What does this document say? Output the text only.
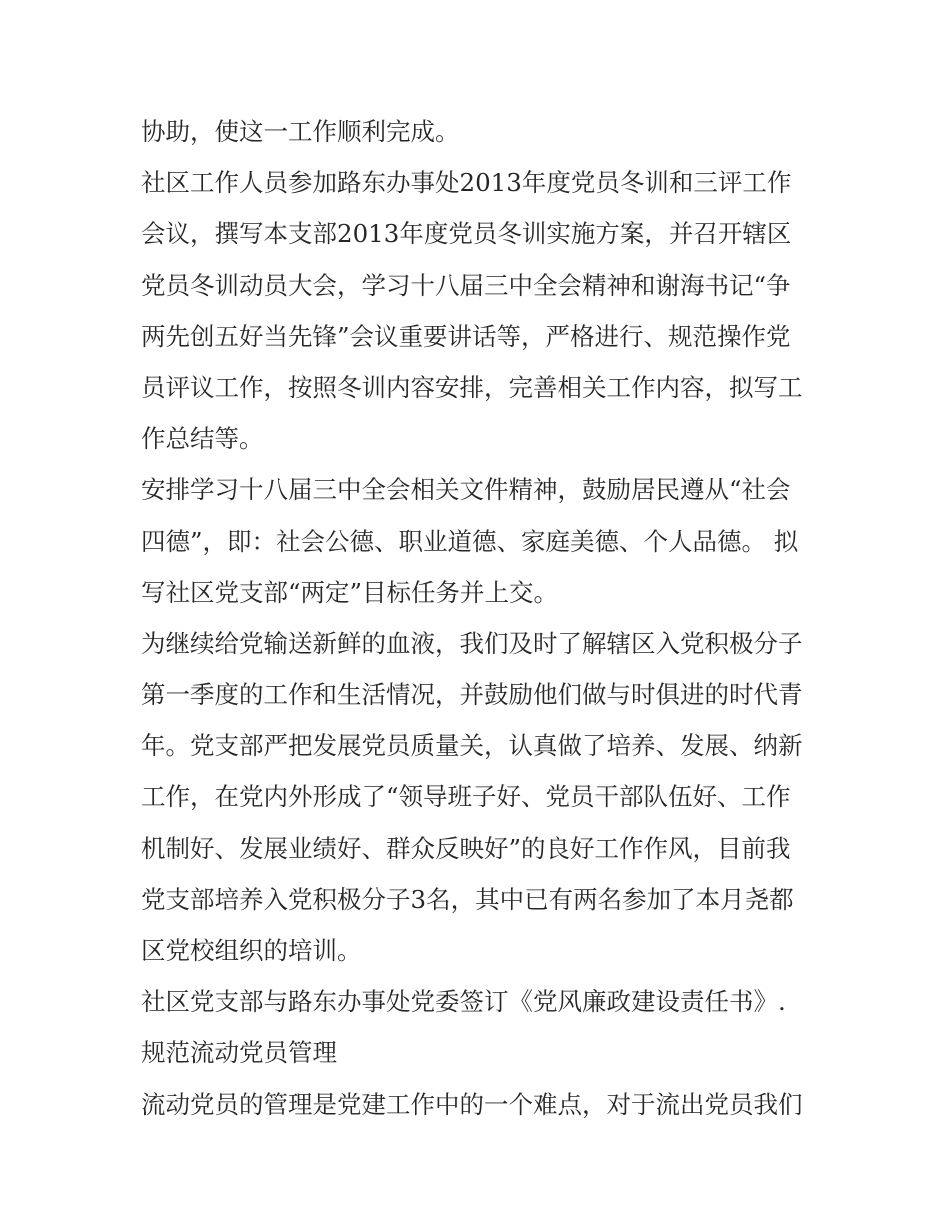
协助，使这一工作顺利完成。

社区工作人员参加路东办事处2013年度党员冬训和三评工作

会议，撰写本支部2013年度党员冬训实施方案，并召开辖区

党员冬训动员大会，学习十八届三中全会精神和谢海书记“争

两先创五好当先锋”会议重要讲话等，严格进行、规范操作党

员评议工作，按照冬训内容安排，完善相关工作内容，拟写工

作总结等。

安排学习十八届三中全会相关文件精神，鼓励居民遵从“社会

四德”，即：社会公德、职业道德、家庭美德、个人品德。 拟

写社区党支部“两定”目标任务并上交。

为继续给党输送新鲜的血液，我们及时了解辖区入党积极分子

第一季度的工作和生活情况，并鼓励他们做与时俱进的时代青

年。党支部严把发展党员质量关，认真做了培养、发展、纳新

工作，在党内外形成了“领导班子好、党员干部队伍好、工作

机制好、发展业绩好、群众反映好”的良好工作作风，目前我

党支部培养入党积极分子3名，其中已有两名参加了本月尧都

区党校组织的培训。

社区党支部与路东办事处党委签订《党风廉政建设责任书》.

规范流动党员管理

流动党员的管理是党建工作中的一个难点，对于流出党员我们
